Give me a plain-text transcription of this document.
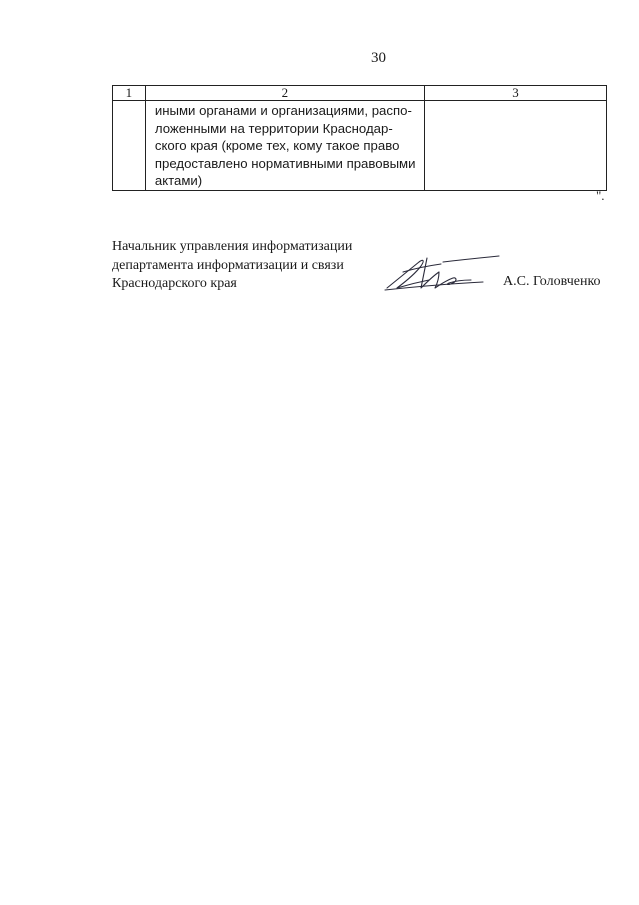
30
1	2	3

	иными органами и организациями, распо-
ложенными на территории Краснодар-
ского края (кроме тех, кому такое право
предоставлено нормативными правовыми
актами)	

".
Начальник управления информатизации
департамента информатизации и связи
Краснодарского края	А.С. Головченко
